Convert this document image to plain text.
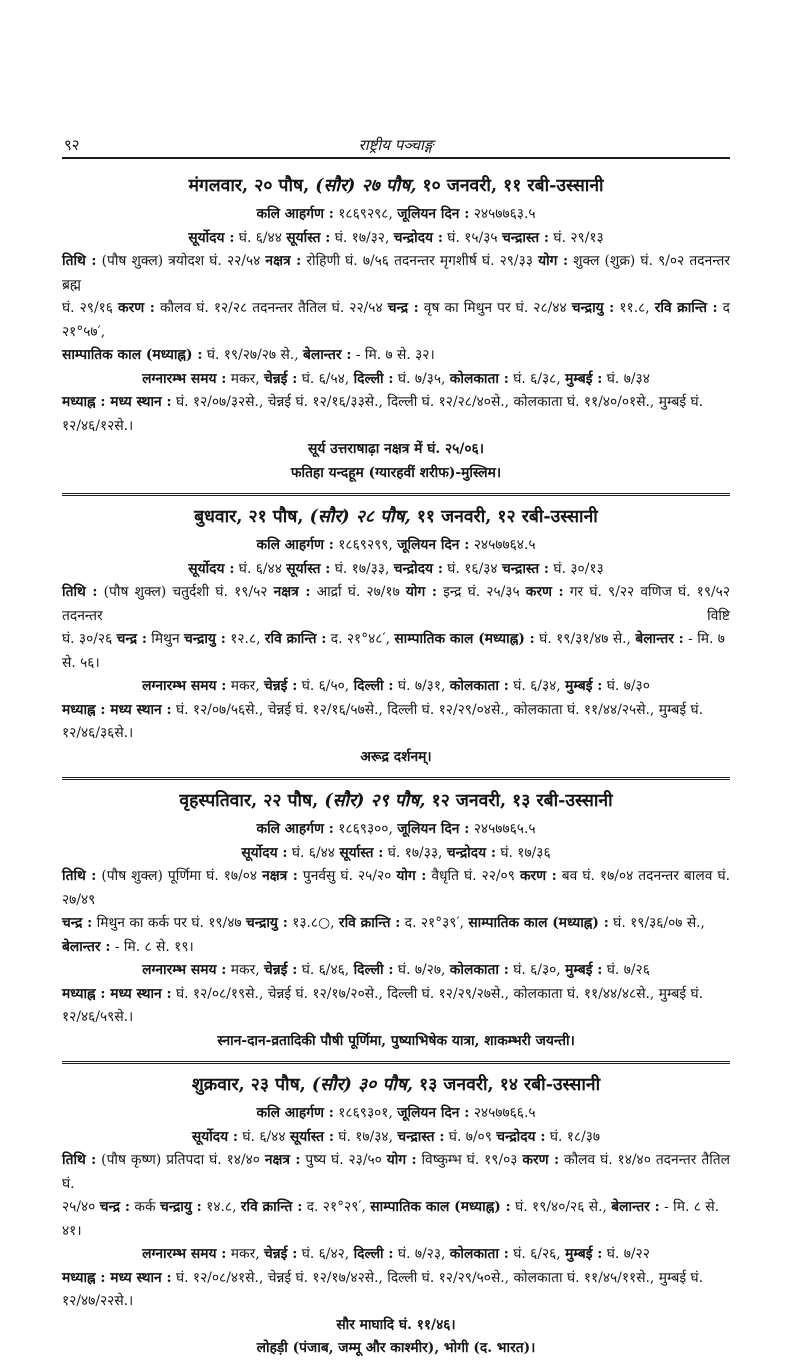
९२	राष्ट्रीय पञ्चाङ्ग
मंगलवार, २० पौष, (सौर) २७ पौष, १० जनवरी, ११ रबी-उस्सानी
कलि आहर्गण : १८६९२९८, जूलियन दिन : २४५७७६३.५
सूर्योदय : घं. ६/४४ सूर्यास्त : घं. १७/३२, चन्द्रोदय : घं. १५/३५ चन्द्रास्त : घं. २९/१३
तिथि : (पौष शुक्ल) त्रयोदश घं. २२/५४ नक्षत्र : रोहिणी घं. ७/५६ तदनन्तर मृगशीर्ष घं. २९/३३ योग : शुक्ल (शुक्र) घं. ९/०२ तदनन्तर ब्रह्म
घं. २९/१६ करण : कौलव घं. १२/२८ तदनन्तर तैतिल घं. २२/५४ चन्द्र : वृष का मिथुन पर घं. २८/४४ चन्द्रायु : ११.८, रवि क्रान्ति : द २१°५७′,
साम्पातिक काल (मध्याह्न) : घं. १९/२७/२७ से., बेलान्तर : - मि. ७ से. ३२।
लग्नारम्भ समय : मकर, चेन्नई : घं. ६/५४, दिल्ली : घं. ७/३५, कोलकाता : घं. ६/३८, मुम्बई : घं. ७/३४
मध्याह्न : मध्य स्थान : घं. १२/०७/३२से., चेन्नई घं. १२/१६/३३से., दिल्ली घं. १२/२८/४०से., कोलकाता घं. ११/४०/०१से., मुम्बई घं. १२/४६/१२से.।
सूर्य उत्तराषाढ़ा नक्षत्र में घं. २५/०६।
फतिहा यन्दहूम (ग्यारहवीं शरीफ)-मुस्लिम।
बुधवार, २१ पौष, (सौर) २८ पौष, ११ जनवरी, १२ रबी-उस्सानी
कलि आहर्गण : १८६९२९९, जूलियन दिन : २४५७७६४.५
सूर्योदय : घं. ६/४४ सूर्यास्त : घं. १७/३३, चन्द्रोदय : घं. १६/३४ चन्द्रास्त : घं. ३०/१३
तिथि : (पौष शुक्ल) चतुर्दशी घं. १९/५२ नक्षत्र : आर्द्रा घं. २७/१७ योग : इन्द्र घं. २५/३५ करण : गर घं. ९/२२ वणिज घं. १९/५२ तदनन्तर विष्टि
घं. ३०/२६ चन्द्र : मिथुन चन्द्रायु : १२.८, रवि क्रान्ति : द. २१°४८′, साम्पातिक काल (मध्याह्न) : घं. १९/३१/४७ से., बेलान्तर : - मि. ७ से. ५६।
लग्नारम्भ समय : मकर, चेन्नई : घं. ६/५०, दिल्ली : घं. ७/३१, कोलकाता : घं. ६/३४, मुम्बई : घं. ७/३०
मध्याह्न : मध्य स्थान : घं. १२/०७/५६से., चेन्नई घं. १२/१६/५७से., दिल्ली घं. १२/२९/०४से., कोलकाता घं. ११/४४/२५से., मुम्बई घं. १२/४६/३६से.।
अरूद्र दर्शनम्।
वृहस्पतिवार, २२ पौष, (सौर) २९ पौष, १२ जनवरी, १३ रबी-उस्सानी
कलि आहर्गण : १८६९३००, जूलियन दिन : २४५७७६५.५
सूर्योदय : घं. ६/४४ सूर्यास्त : घं. १७/३३, चन्द्रोदय : घं. १७/३६
तिथि : (पौष शुक्ल) पूर्णिमा घं. १७/०४ नक्षत्र : पुनर्वसु घं. २५/२० योग : वैधृति घं. २२/०९ करण : बव घं. १७/०४ तदनन्तर बालव घं. २७/४९
चन्द्र : मिथुन का कर्क पर घं. १९/४७ चन्द्रायु : १३.८○, रवि क्रान्ति : द. २१°३९′, साम्पातिक काल (मध्याह्न) : घं. १९/३६/०७ से., बेलान्तर : - मि. ८ से. १९।
लग्नारम्भ समय : मकर, चेन्नई : घं. ६/४६, दिल्ली : घं. ७/२७, कोलकाता : घं. ६/३०, मुम्बई : घं. ७/२६
मध्याह्न : मध्य स्थान : घं. १२/०८/१९से., चेन्नई घं. १२/१७/२०से., दिल्ली घं. १२/२९/२७से., कोलकाता घं. ११/४४/४८से., मुम्बई घं. १२/४६/५९से.।
स्नान-दान-व्रतादिकी पौषी पूर्णिमा, पुष्याभिषेक यात्रा, शाकम्भरी जयन्ती।
शुक्रवार, २३ पौष, (सौर) ३० पौष, १३ जनवरी, १४ रबी-उस्सानी
कलि आहर्गण : १८६९३०१, जूलियन दिन : २४५७७६६.५
सूर्योदय : घं. ६/४४ सूर्यास्त : घं. १७/३४, चन्द्रास्त : घं. ७/०९ चन्द्रोदय : घं. १८/३७
तिथि : (पौष कृष्ण) प्रतिपदा घं. १४/४० नक्षत्र : पुष्य घं. २३/५० योग : विष्कुम्भ घं. १९/०३ करण : कौलव घं. १४/४० तदनन्तर तैतिल घं.
२५/४० चन्द्र : कर्क चन्द्रायु : १४.८, रवि क्रान्ति : द. २१°२९′, साम्पातिक काल (मध्याह्न) : घं. १९/४०/२६ से., बेलान्तर : - मि. ८ से. ४१।
लग्नारम्भ समय : मकर, चेन्नई : घं. ६/४२, दिल्ली : घं. ७/२३, कोलकाता : घं. ६/२६, मुम्बई : घं. ७/२२
मध्याह्न : मध्य स्थान : घं. १२/०८/४१से., चेन्नई घं. १२/१७/४२से., दिल्ली घं. १२/२९/५०से., कोलकाता घं. ११/४५/११से., मुम्बई घं. १२/४७/२२से.।
सौर माघादि घं. ११/४६।
लोहड़ी (पंजाब, जम्मू और काश्मीर), भोगी (द. भारत)।
